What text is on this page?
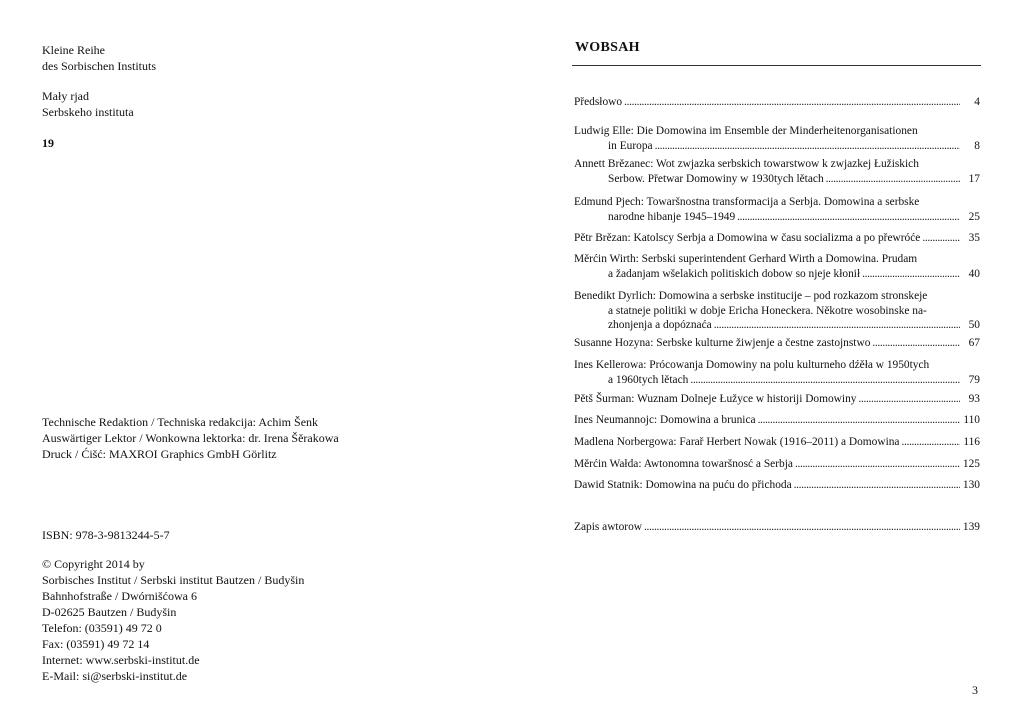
Kleine Reihe
des Sorbischen Instituts
Mały rjad
Serbskeho instituta
19
Technische Redaktion / Techniska redakcija: Achim Šenk
Auswärtiger Lektor / Wonkowna lektorka: dr. Irena Šěrakowa
Druck / Ćišć: MAXROI Graphics GmbH Görlitz
ISBN: 978-3-9813244-5-7
© Copyright 2014 by
Sorbisches Institut / Serbski institut Bautzen / Budyšin
Bahnhofstraße / Dwórnišćowa 6
D-02625 Bautzen / Budyšin
Telefon: (03591) 49 72 0
Fax: (03591) 49 72 14
Internet: www.serbski-institut.de
E-Mail: si@serbski-institut.de
WOBSAH
Předsłowo . . .	4
Ludwig Elle: Die Domowina im Ensemble der Minderheitenorganisationen
in Europa . . .	8
Annett Brězanec: Wot zwjazka serbskich towarstwow k zwjazkej Łužiskich
Serbow. Přetwar Domowiny w 1930tych lětach . . .	17
Edmund Pjech: Towaršnostna transformacija a Serbja. Domowina a serbske
narodne hibanje 1945–1949 . . .	25
Pětr Brězan: Katolscy Serbja a Domowina w času socializma a po přewróće . . .	35
Měrćin Wirth: Serbski superintendent Gerhard Wirth a Domowina. Prudam
a žadanjam wšelakich politiskich dobow so njeje kłonił . . .	40
Benedikt Dyrlich: Domowina a serbske institucije – pod rozkazom stronskeje
a statneje politiki w dobje Ericha Honeckera. Někotre wosobinske na-
zhonjenja a dopóznaća . . .	50
Susanne Hozyna: Serbske kulturne žiwjenje a čestne zastojnstwo . . .	67
Ines Kellerowa: Prócowanja Domowiny na polu kulturneho dźěła w 1950tych
a 1960tych lětach . . .	79
Pětš Šurman: Wuznam Dolneje Łužyce w historiji Domowiny . . .	93
Ines Neumannojc: Domowina a brunica . . .	110
Madlena Norbergowa: Farař Herbert Nowak (1916–2011) a Domowina . . .	116
Měrćin Wałda: Awtonomna towaršnosć a Serbja . . .	125
Dawid Statnik: Domowina na puću do přichoda . . .	130
Zapis awtorow . . .	139
3
